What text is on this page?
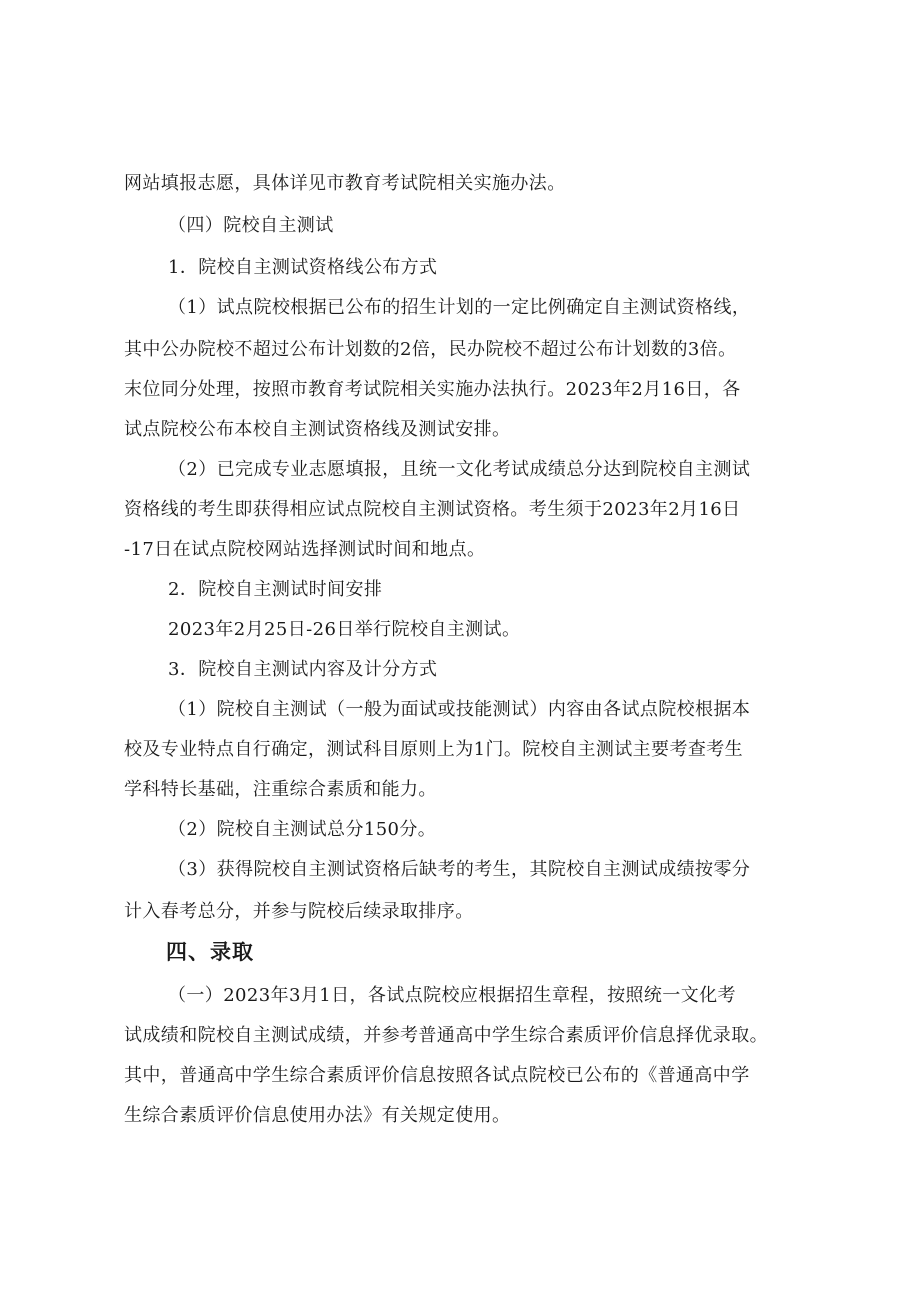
网站填报志愿，具体详见市教育考试院相关实施办法。
（四）院校自主测试
1．院校自主测试资格线公布方式
（1）试点院校根据已公布的招生计划的一定比例确定自主测试资格线，
其中公办院校不超过公布计划数的2倍，民办院校不超过公布计划数的3倍。
末位同分处理，按照市教育考试院相关实施办法执行。2023年2月16日，各
试点院校公布本校自主测试资格线及测试安排。
（2）已完成专业志愿填报，且统一文化考试成绩总分达到院校自主测试
资格线的考生即获得相应试点院校自主测试资格。考生须于2023年2月16日
-17日在试点院校网站选择测试时间和地点。
2．院校自主测试时间安排
2023年2月25日-26日举行院校自主测试。
3．院校自主测试内容及计分方式
（1）院校自主测试（一般为面试或技能测试）内容由各试点院校根据本
校及专业特点自行确定，测试科目原则上为1门。院校自主测试主要考查考生
学科特长基础，注重综合素质和能力。
（2）院校自主测试总分150分。
（3）获得院校自主测试资格后缺考的考生，其院校自主测试成绩按零分
计入春考总分，并参与院校后续录取排序。
四、录取
（一）2023年3月1日，各试点院校应根据招生章程，按照统一文化考
试成绩和院校自主测试成绩，并参考普通高中学生综合素质评价信息择优录取。
其中，普通高中学生综合素质评价信息按照各试点院校已公布的《普通高中学
生综合素质评价信息使用办法》有关规定使用。
